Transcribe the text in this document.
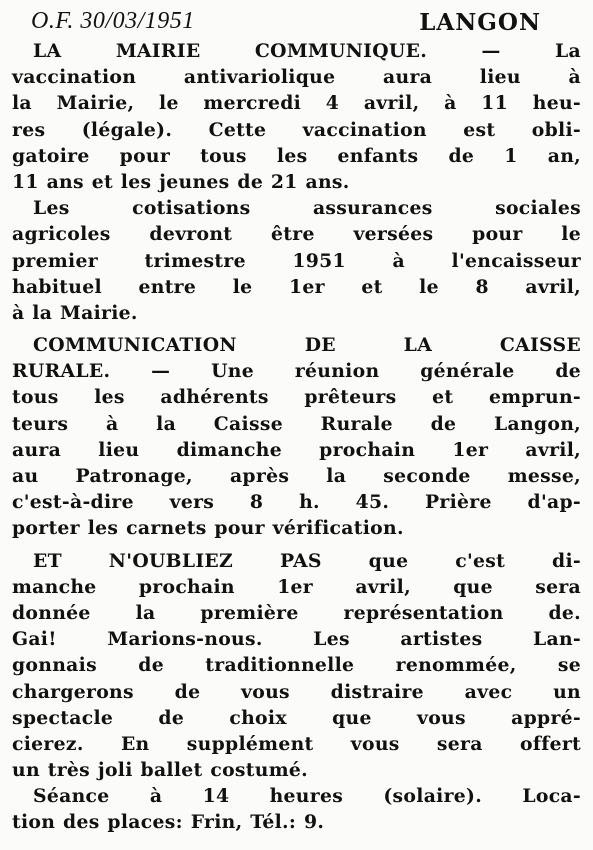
O.F. 30/03/1951	LANGON
LA MAIRIE COMMUNIQUE. — La
vaccination antivariolique aura lieu à
la Mairie, le mercredi 4 avril, à 11 heu-
res (légale). Cette vaccination est obli-
gatoire pour tous les enfants de 1 an,
11 ans et les jeunes de 21 ans.
Les cotisations assurances sociales
agricoles devront être versées pour le
premier trimestre 1951 à l'encaisseur
habituel entre le 1er et le 8 avril,
à la Mairie.
COMMUNICATION DE LA CAISSE
RURALE. — Une réunion générale de
tous les adhérents prêteurs et emprun-
teurs à la Caisse Rurale de Langon,
aura lieu dimanche prochain 1er avril,
au Patronage, après la seconde messe,
c'est-à-dire vers 8 h. 45. Prière d'ap-
porter les carnets pour vérification.
ET N'OUBLIEZ PAS que c'est di-
manche prochain 1er avril, que sera
donnée la première représentation de.
Gai! Marions-nous. Les artistes Lan-
gonnais de traditionnelle renommée, se
chargerons de vous distraire avec un
spectacle de choix que vous appré-
cierez. En supplément vous sera offert
un très joli ballet costumé.
Séance à 14 heures (solaire). Loca-
tion des places: Frin, Tél.: 9.
